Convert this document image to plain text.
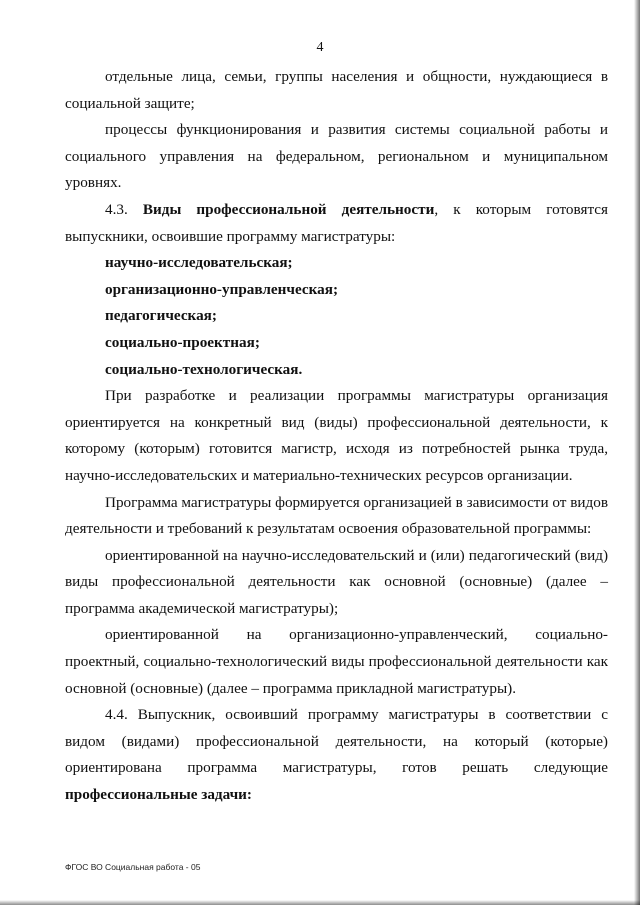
4

отдельные лица, семьи, группы населения и общности, нуждающиеся в социальной защите;

процессы функционирования и развития системы социальной работы и социального управления на федеральном, региональном и муниципальном уровнях.

4.3. Виды профессиональной деятельности, к которым готовятся выпускники, освоившие программу магистратуры:

научно-исследовательская;

организационно-управленческая;

педагогическая;

социально-проектная;

социально-технологическая.

При разработке и реализации программы магистратуры организация ориентируется на конкретный вид (виды) профессиональной деятельности, к которому (которым) готовится магистр, исходя из потребностей рынка труда, научно-исследовательских и материально-технических ресурсов организации.

Программа магистратуры формируется организацией в зависимости от видов деятельности и требований к результатам освоения образовательной программы:

ориентированной на научно-исследовательский и (или) педагогический (вид) виды профессиональной деятельности как основной (основные) (далее – программа академической магистратуры);

ориентированной на организационно-управленческий, социально-проектный, социально-технологический виды профессиональной деятельности как основной (основные) (далее – программа прикладной магистратуры).

4.4. Выпускник, освоивший программу магистратуры в соответствии с видом (видами) профессиональной деятельности, на который (которые) ориентирована программа магистратуры, готов решать следующие профессиональные задачи:

ФГОС ВО Социальная работа - 05
